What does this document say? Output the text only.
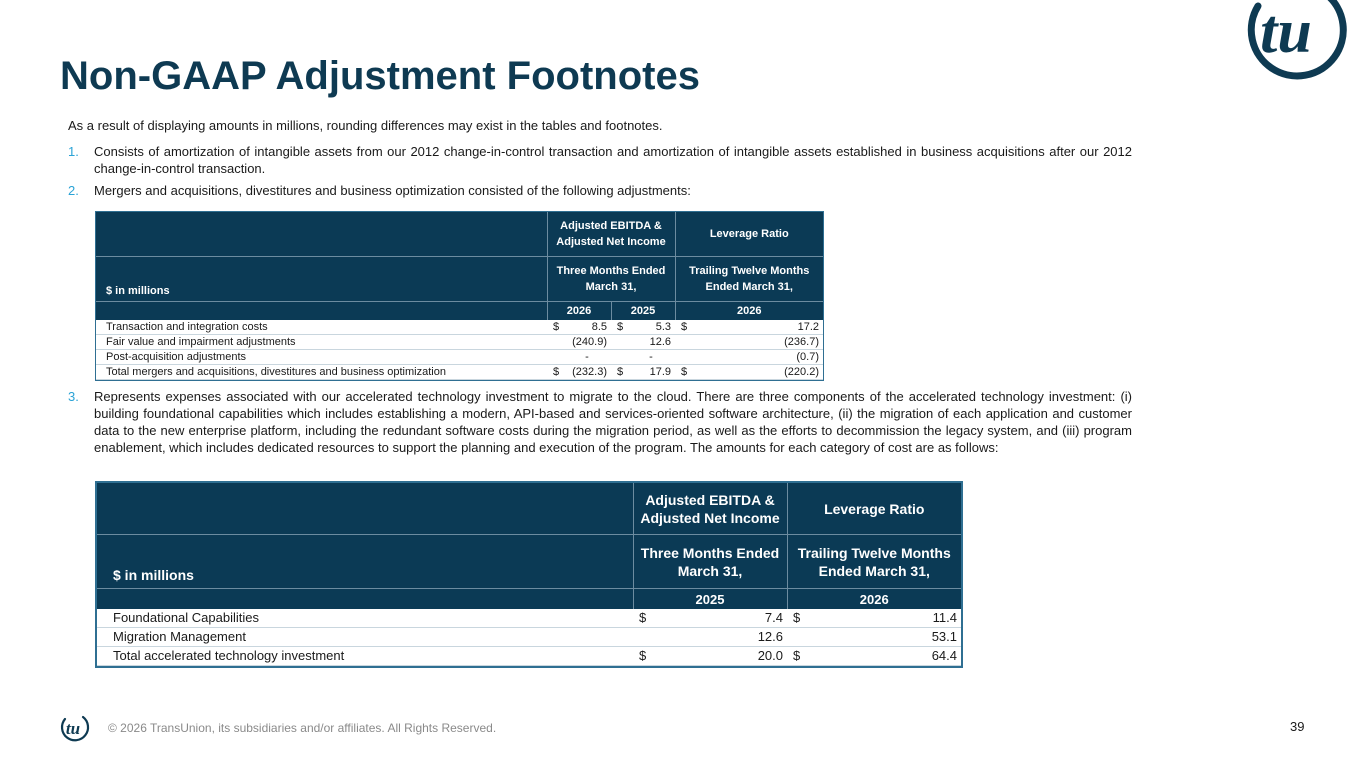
tu
Non-GAAP Adjustment Footnotes
As a result of displaying amounts in millions, rounding differences may exist in the tables and footnotes.
1. Consists of amortization of intangible assets from our 2012 change-in-control transaction and amortization of intangible assets established in business acquisitions after our 2012 change-in-control transaction.
2. Mergers and acquisitions, divestitures and business optimization consisted of the following adjustments:
	Adjusted EBITDA & Adjusted Net Income				Leverage Ratio	
$ in millions	Three Months Ended March 31,				Trailing Twelve Months Ended March 31,	
	2026		2025		2026	
Transaction and integration costs	$	8.5	$	5.3	$	17.2
Fair value and impairment adjustments		(240.9)		12.6		(236.7)
Post-acquisition adjustments		-		-		(0.7)
Total mergers and acquisitions, divestitures and business optimization	$	(232.3)	$	17.9	$	(220.2)
3. Represents expenses associated with our accelerated technology investment to migrate to the cloud. There are three components of the accelerated technology investment: (i) building foundational capabilities which includes establishing a modern, API-based and services-oriented software architecture, (ii) the migration of each application and customer data to the new enterprise platform, including the redundant software costs during the migration period, as well as the efforts to decommission the legacy system, and (iii) program enablement, which includes dedicated resources to support the planning and execution of the program. The amounts for each category of cost are as follows:
	Adjusted EBITDA & Adjusted Net Income		Leverage Ratio	
$ in millions	Three Months Ended March 31,		Trailing Twelve Months Ended March 31,	
	2025		2026	
Foundational Capabilities	$	7.4	$	11.4
Migration Management		12.6		53.1
Total accelerated technology investment	$	20.0	$	64.4
tu © 2026 TransUnion, its subsidiaries and/or affiliates. All Rights Reserved.	39
